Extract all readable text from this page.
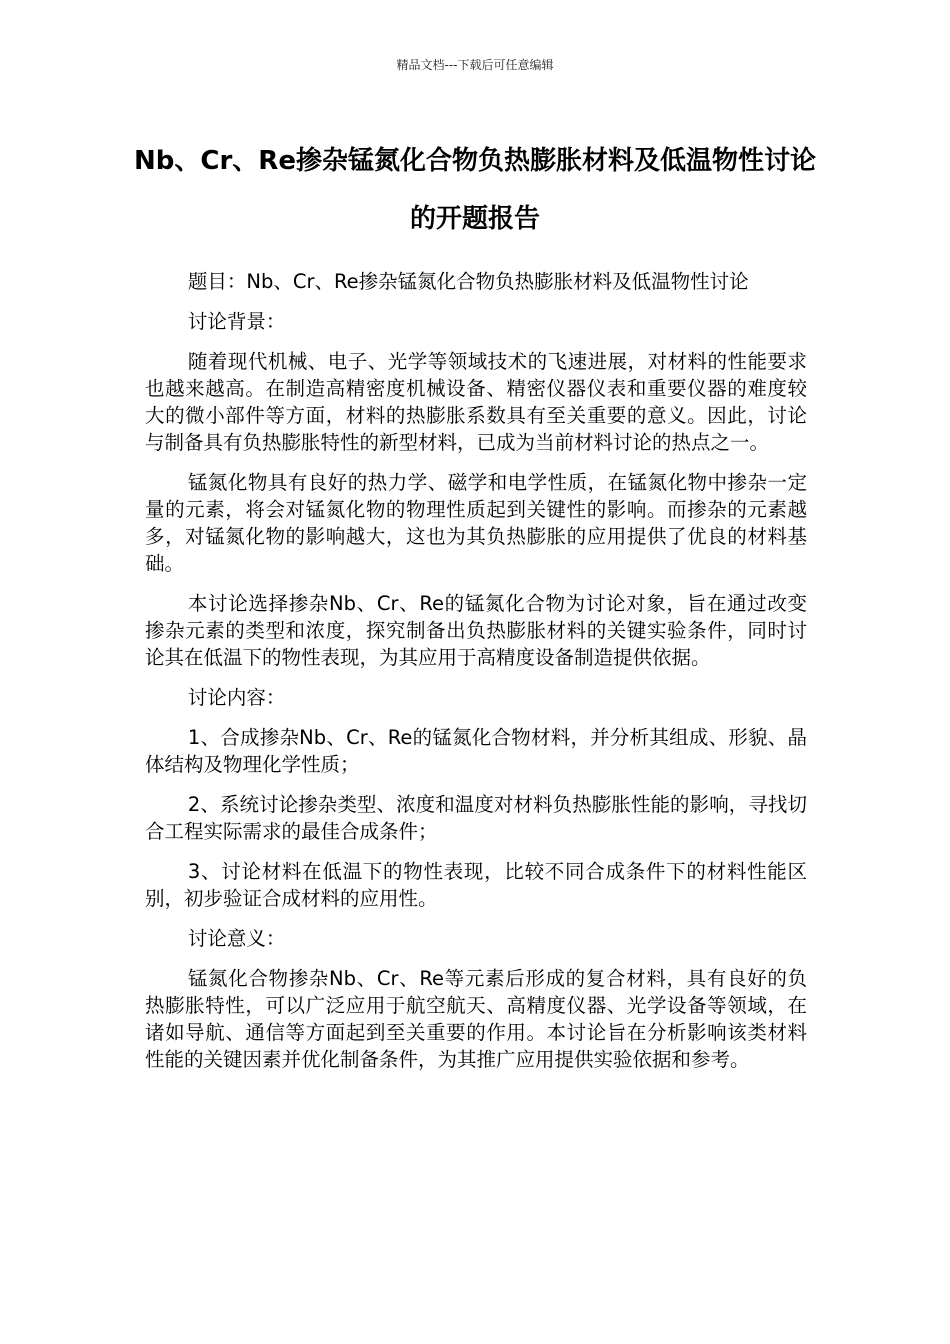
精品文档---下载后可任意编辑
Nb、Cr、Re掺杂锰氮化合物负热膨胀材料及低温物性讨论的开题报告

题目：Nb、Cr、Re掺杂锰氮化合物负热膨胀材料及低温物性讨论

讨论背景：

随着现代机械、电子、光学等领域技术的飞速进展，对材料的性能要求也越来越高。在制造高精密度机械设备、精密仪器仪表和重要仪器的难度较大的微小部件等方面，材料的热膨胀系数具有至关重要的意义。因此，讨论与制备具有负热膨胀特性的新型材料，已成为当前材料讨论的热点之一。

锰氮化物具有良好的热力学、磁学和电学性质，在锰氮化物中掺杂一定量的元素，将会对锰氮化物的物理性质起到关键性的影响。而掺杂的元素越多，对锰氮化物的影响越大，这也为其负热膨胀的应用提供了优良的材料基础。

本讨论选择掺杂Nb、Cr、Re的锰氮化合物为讨论对象，旨在通过改变掺杂元素的类型和浓度，探究制备出负热膨胀材料的关键实验条件，同时讨论其在低温下的物性表现，为其应用于高精度设备制造提供依据。

讨论内容：

1、合成掺杂Nb、Cr、Re的锰氮化合物材料，并分析其组成、形貌、晶体结构及物理化学性质；

2、系统讨论掺杂类型、浓度和温度对材料负热膨胀性能的影响，寻找切合工程实际需求的最佳合成条件；

3、讨论材料在低温下的物性表现，比较不同合成条件下的材料性能区别，初步验证合成材料的应用性。

讨论意义：

锰氮化合物掺杂Nb、Cr、Re等元素后形成的复合材料，具有良好的负热膨胀特性，可以广泛应用于航空航天、高精度仪器、光学设备等领域，在诸如导航、通信等方面起到至关重要的作用。本讨论旨在分析影响该类材料性能的关键因素并优化制备条件，为其推广应用提供实验依据和参考。
